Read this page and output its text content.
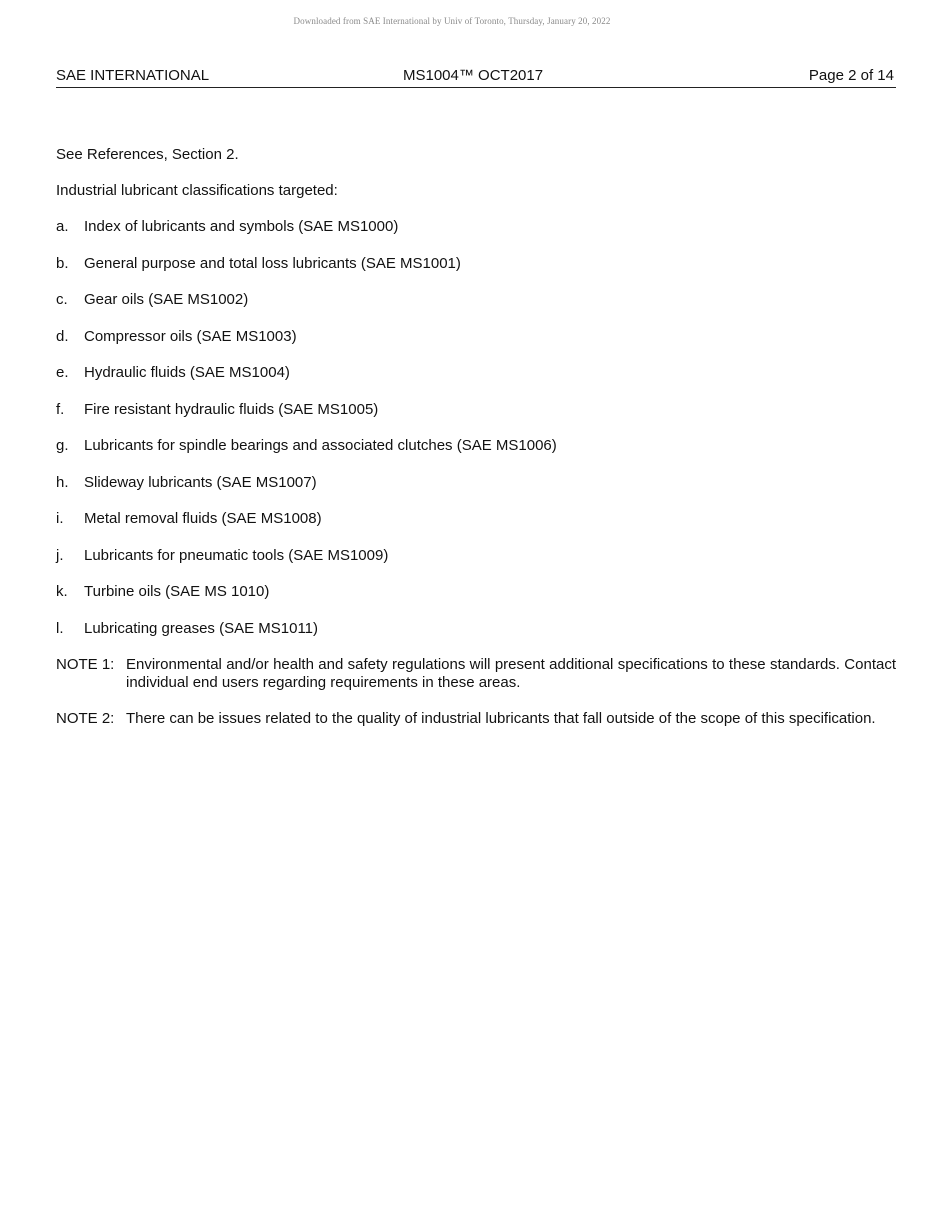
Downloaded from SAE International by Univ of Toronto, Thursday, January 20, 2022
SAE INTERNATIONAL	MS1004™ OCT2017	Page 2 of 14

See References, Section 2.

Industrial lubricant classifications targeted:

a.	Index of lubricants and symbols (SAE MS1000)
b.	General purpose and total loss lubricants (SAE MS1001)
c.	Gear oils (SAE MS1002)
d.	Compressor oils (SAE MS1003)
e.	Hydraulic fluids (SAE MS1004)
f.	Fire resistant hydraulic fluids (SAE MS1005)
g.	Lubricants for spindle bearings and associated clutches (SAE MS1006)
h.	Slideway lubricants (SAE MS1007)
i.	Metal removal fluids (SAE MS1008)
j.	Lubricants for pneumatic tools (SAE MS1009)
k.	Turbine oils (SAE MS 1010)
l.	Lubricating greases (SAE MS1011)
NOTE 1: Environmental and/or health and safety regulations will present additional specifications to these standards. Contact individual end users regarding requirements in these areas.
NOTE 2: There can be issues related to the quality of industrial lubricants that fall outside of the scope of this specification.
